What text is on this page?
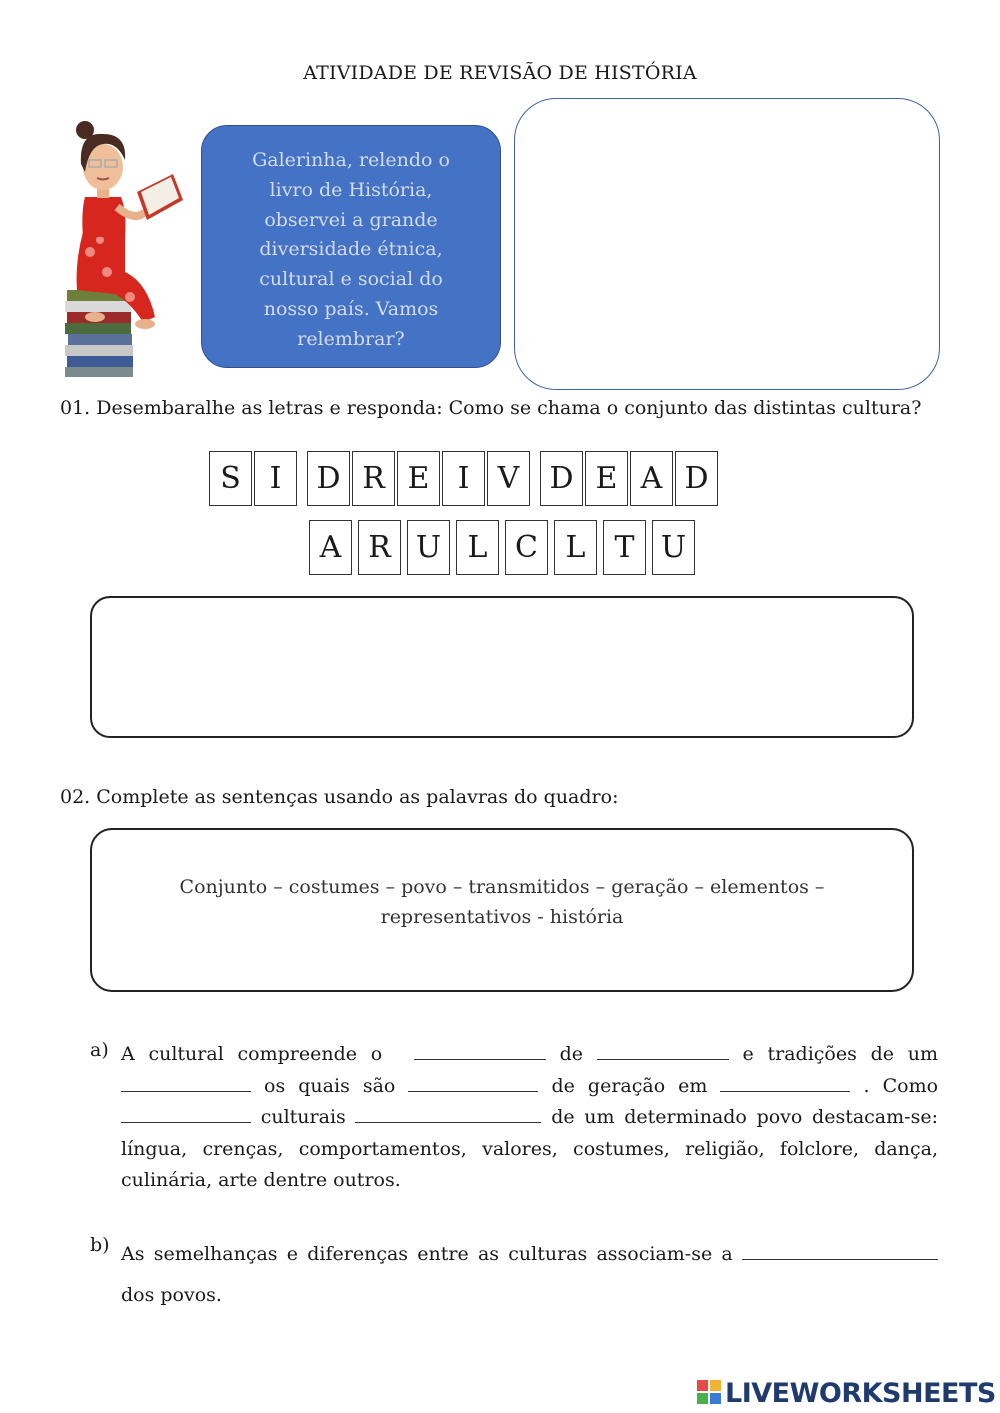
ATIVIDADE DE REVISÃO DE HISTÓRIA
Galerinha, relendo o livro de História, observei a grande diversidade étnica, cultural e social do nosso país. Vamos relembrar?
01. Desembaralhe as letras e responda: Como se chama o conjunto das distintas cultura?
S I	D R E I V	D E A D
A R U L C L T U
02. Complete as sentenças usando as palavras do quadro:
Conjunto – costumes – povo – transmitidos – geração – elementos – representativos - história
a) A cultural compreende o	de	e tradições de um  os quais são	de geração em	. Como  culturais	de um determinado povo destacam-se: língua, crenças, comportamentos, valores, costumes, religião, folclore, dança, culinária, arte dentre outros.
b) As semelhanças e diferenças entre as culturas associam-se a  dos povos.
LIVEWORKSHEETS
